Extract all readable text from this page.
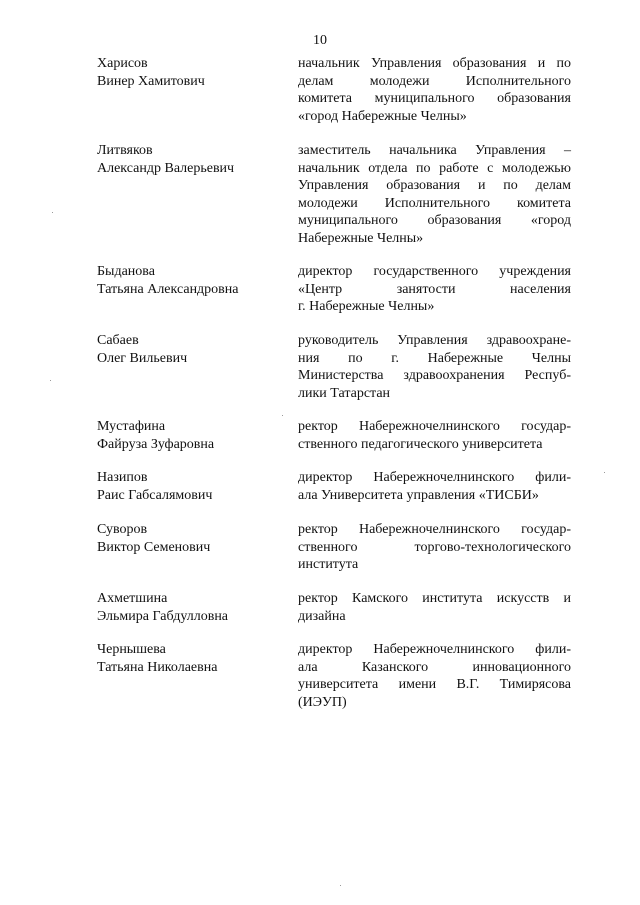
10
Харисов
Винер Хамитович
начальник Управления образования и по
делам молодежи Исполнительного
комитета муниципального образования
«город Набережные Челны»
Литвяков
Александр Валерьевич
заместитель начальника Управления –
начальник отдела по работе с молодежью
Управления образования и по делам
молодежи Исполнительного комитета
муниципального образования «город
Набережные Челны»
Быданова
Татьяна Александровна
директор государственного учреждения
«Центр занятости населения
г. Набережные Челны»
Сабаев
Олег Вильевич
руководитель Управления здравоохране-
ния по г. Набережные Челны
Министерства здравоохранения Респуб-
лики Татарстан
Мустафина
Файруза Зуфаровна
ректор Набережночелнинского государ-
ственного педагогического университета
Назипов
Раис Габсалямович
директор Набережночелнинского фили-
ала Университета управления «ТИСБИ»
Суворов
Виктор Семенович
ректор Набережночелнинского государ-
ственного торгово-технологического
института
Ахметшина
Эльмира Габдулловна
ректор Камского института искусств и
дизайна
Чернышева
Татьяна Николаевна
директор Набережночелнинского фили-
ала Казанского инновационного
университета имени В.Г. Тимирясова
(ИЭУП)
